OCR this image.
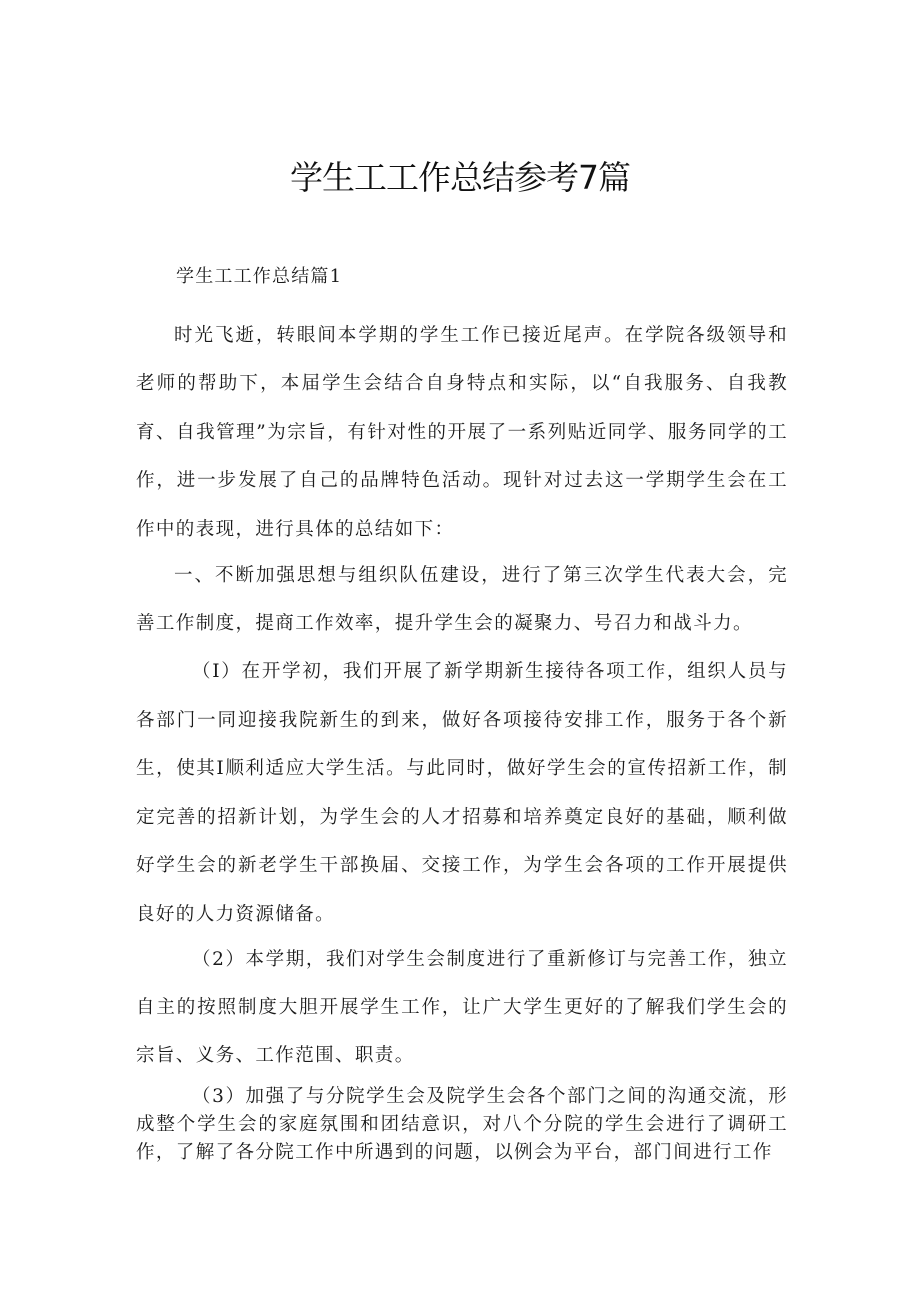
学生工工作总结参考7篇

学生工工作总结篇1

时光飞逝，转眼间本学期的学生工作已接近尾声。在学院各级领导和老师的帮助下，本届学生会结合自身特点和实际，以“自我服务、自我教育、自我管理”为宗旨，有针对性的开展了一系列贴近同学、服务同学的工作，进一步发展了自己的品牌特色活动。现针对过去这一学期学生会在工作中的表现，进行具体的总结如下：

一、不断加强思想与组织队伍建设，进行了第三次学生代表大会，完善工作制度，提商工作效率，提升学生会的凝聚力、号召力和战斗力。

（I）在开学初，我们开展了新学期新生接待各项工作，组织人员与各部门一同迎接我院新生的到来，做好各项接待安排工作，服务于各个新生，使其I顺利适应大学生活。与此同时，做好学生会的宣传招新工作，制定完善的招新计划，为学生会的人才招募和培养奠定良好的基础，顺利做好学生会的新老学生干部换届、交接工作，为学生会各项的工作开展提供良好的人力资源储备。

（2）本学期，我们对学生会制度进行了重新修订与完善工作，独立自主的按照制度大胆开展学生工作，让广大学生更好的了解我们学生会的宗旨、义务、工作范围、职责。

（3）加强了与分院学生会及院学生会各个部门之间的沟通交流，形成整个学生会的家庭氛围和团结意识，对八个分院的学生会进行了调研工作，了解了各分院工作中所遇到的问题，以例会为平台，部门间进行工作
